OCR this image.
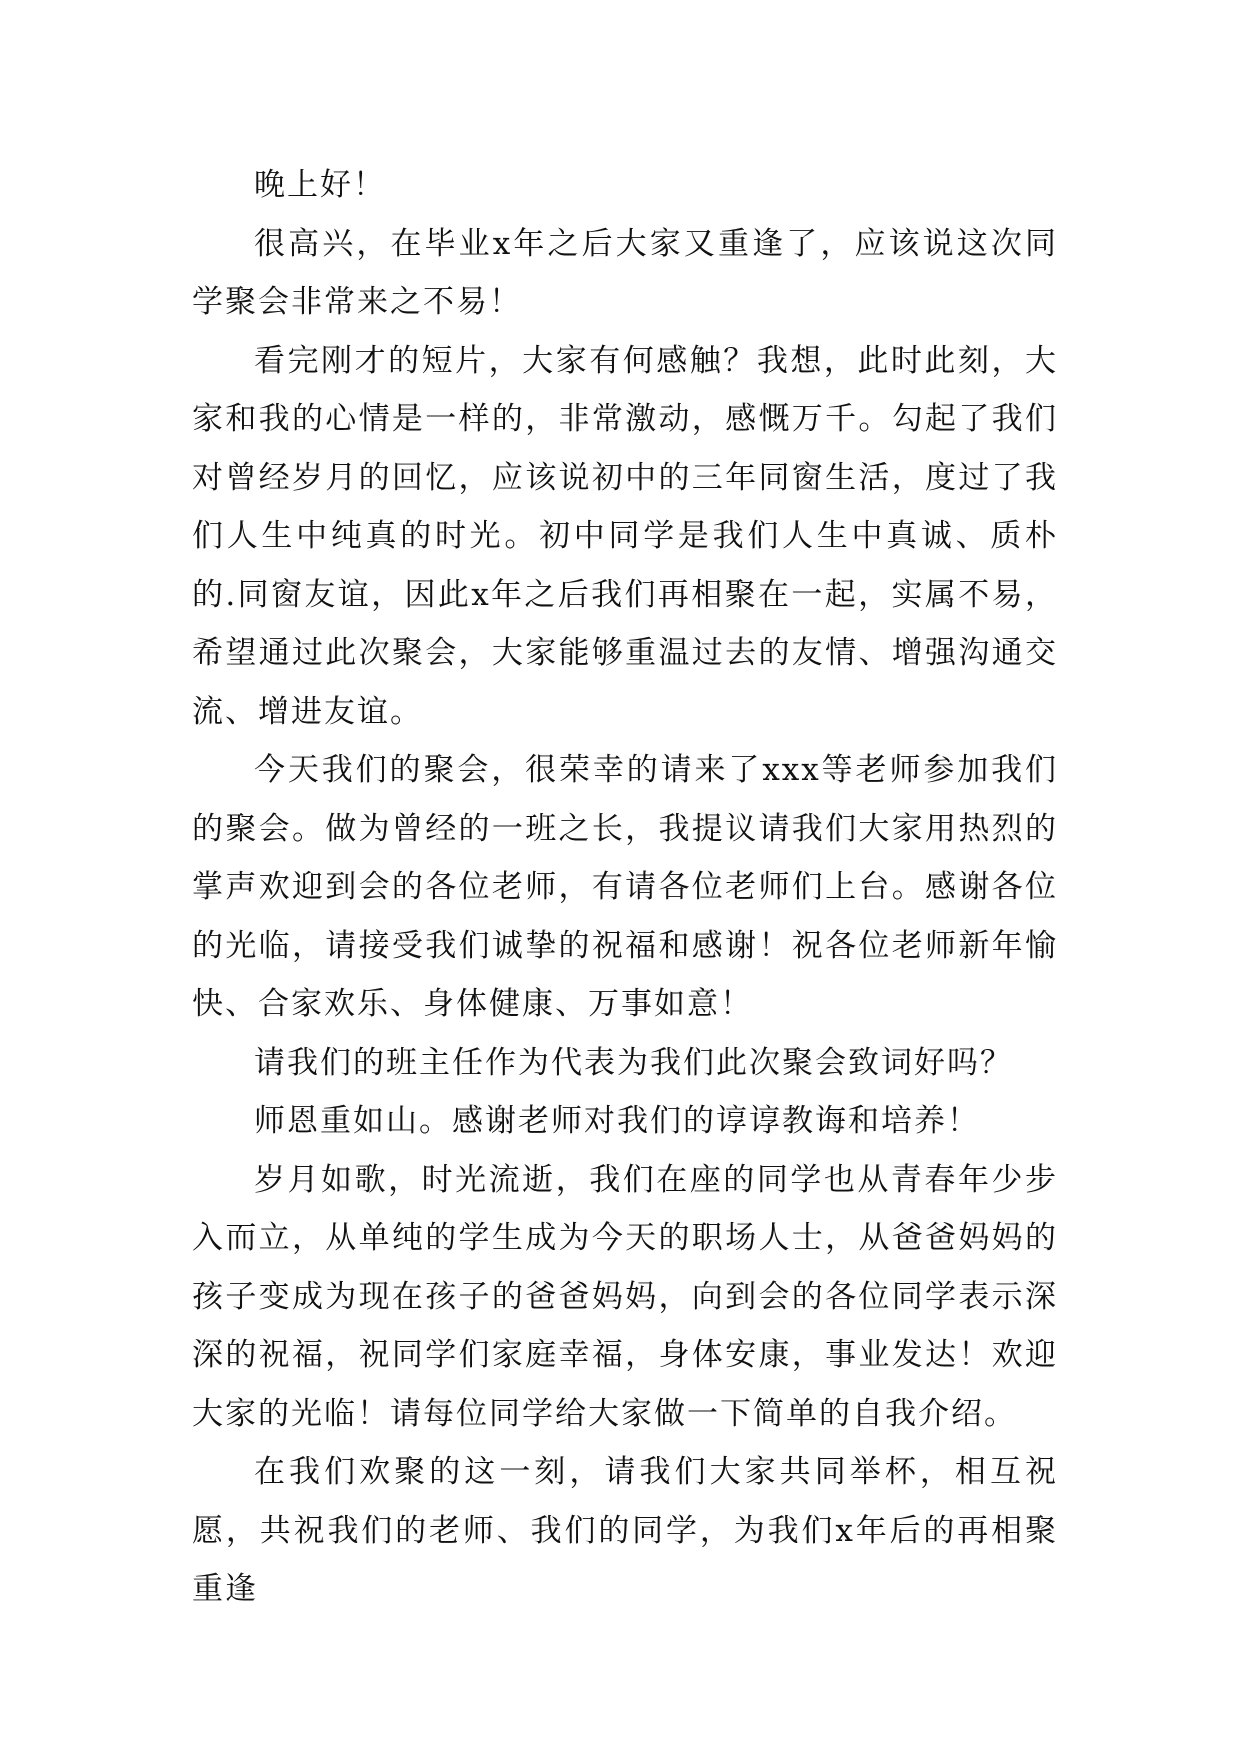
晚上好！

很高兴，在毕业x年之后大家又重逢了，应该说这次同学聚会非常来之不易！

看完刚才的短片，大家有何感触？我想，此时此刻，大家和我的心情是一样的，非常激动，感慨万千。勾起了我们对曾经岁月的回忆，应该说初中的三年同窗生活，度过了我们人生中纯真的时光。初中同学是我们人生中真诚、质朴的.同窗友谊，因此x年之后我们再相聚在一起，实属不易，希望通过此次聚会，大家能够重温过去的友情、增强沟通交流、增进友谊。

今天我们的聚会，很荣幸的请来了xxx等老师参加我们的聚会。做为曾经的一班之长，我提议请我们大家用热烈的掌声欢迎到会的各位老师，有请各位老师们上台。感谢各位的光临，请接受我们诚挚的祝福和感谢！祝各位老师新年愉快、合家欢乐、身体健康、万事如意！

请我们的班主任作为代表为我们此次聚会致词好吗？

师恩重如山。感谢老师对我们的谆谆教诲和培养！

岁月如歌，时光流逝，我们在座的同学也从青春年少步入而立，从单纯的学生成为今天的职场人士，从爸爸妈妈的孩子变成为现在孩子的爸爸妈妈，向到会的各位同学表示深深的祝福，祝同学们家庭幸福，身体安康，事业发达！欢迎大家的光临！请每位同学给大家做一下简单的自我介绍。

在我们欢聚的这一刻，请我们大家共同举杯，相互祝愿，共祝我们的老师、我们的同学，为我们x年后的再相聚重逢
